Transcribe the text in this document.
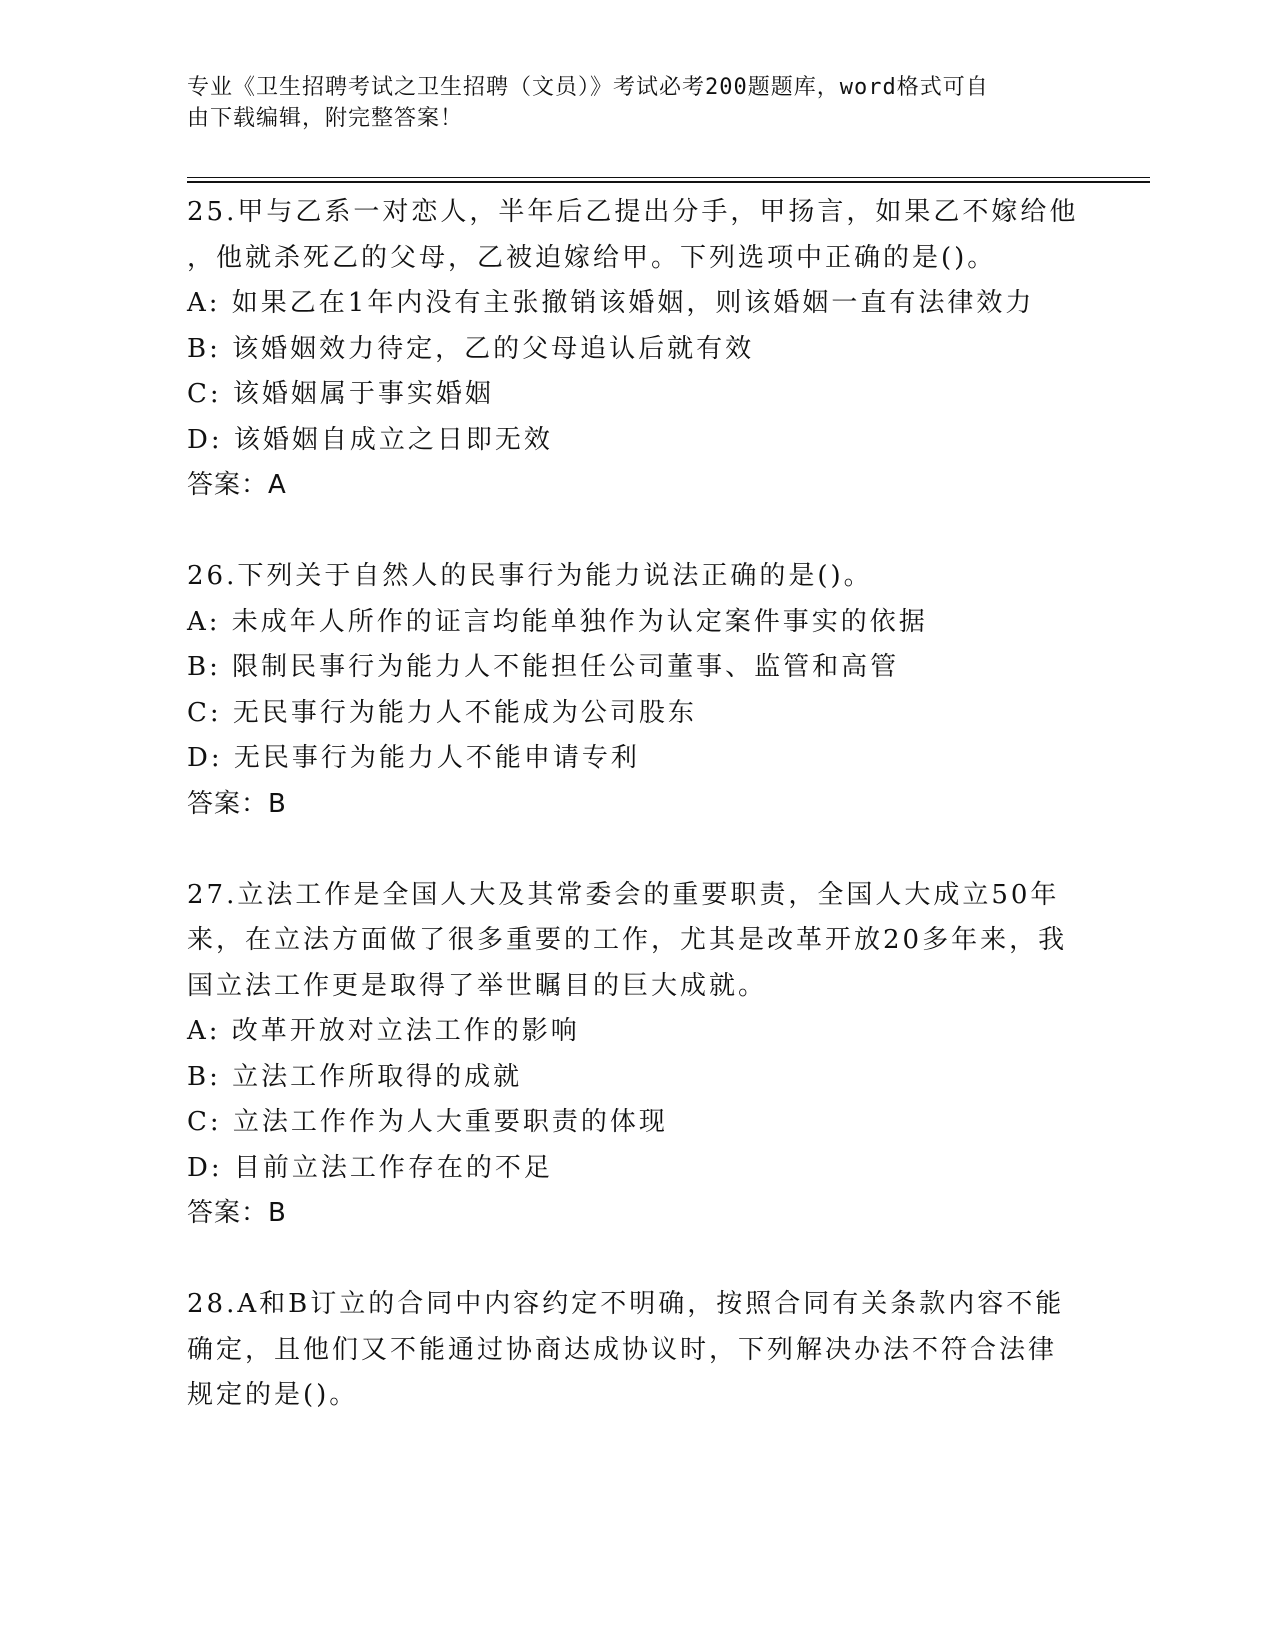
专业《卫生招聘考试之卫生招聘（文员）》考试必考200题题库，word格式可自
由下载编辑，附完整答案！
25.甲与乙系一对恋人，半年后乙提出分手，甲扬言，如果乙不嫁给他
，他就杀死乙的父母，乙被迫嫁给甲。下列选项中正确的是()。
A: 如果乙在1年内没有主张撤销该婚姻，则该婚姻一直有法律效力
B: 该婚姻效力待定，乙的父母追认后就有效
C: 该婚姻属于事实婚姻
D: 该婚姻自成立之日即无效
答案：A
26.下列关于自然人的民事行为能力说法正确的是()。
A: 未成年人所作的证言均能单独作为认定案件事实的依据
B: 限制民事行为能力人不能担任公司董事、监管和高管
C: 无民事行为能力人不能成为公司股东
D: 无民事行为能力人不能申请专利
答案：B
27.立法工作是全国人大及其常委会的重要职责，全国人大成立50年
来，在立法方面做了很多重要的工作，尤其是改革开放20多年来，我
国立法工作更是取得了举世瞩目的巨大成就。
A: 改革开放对立法工作的影响
B: 立法工作所取得的成就
C: 立法工作作为人大重要职责的体现
D: 目前立法工作存在的不足
答案：B
28.A和B订立的合同中内容约定不明确，按照合同有关条款内容不能
确定，且他们又不能通过协商达成协议时，下列解决办法不符合法律
规定的是()。
